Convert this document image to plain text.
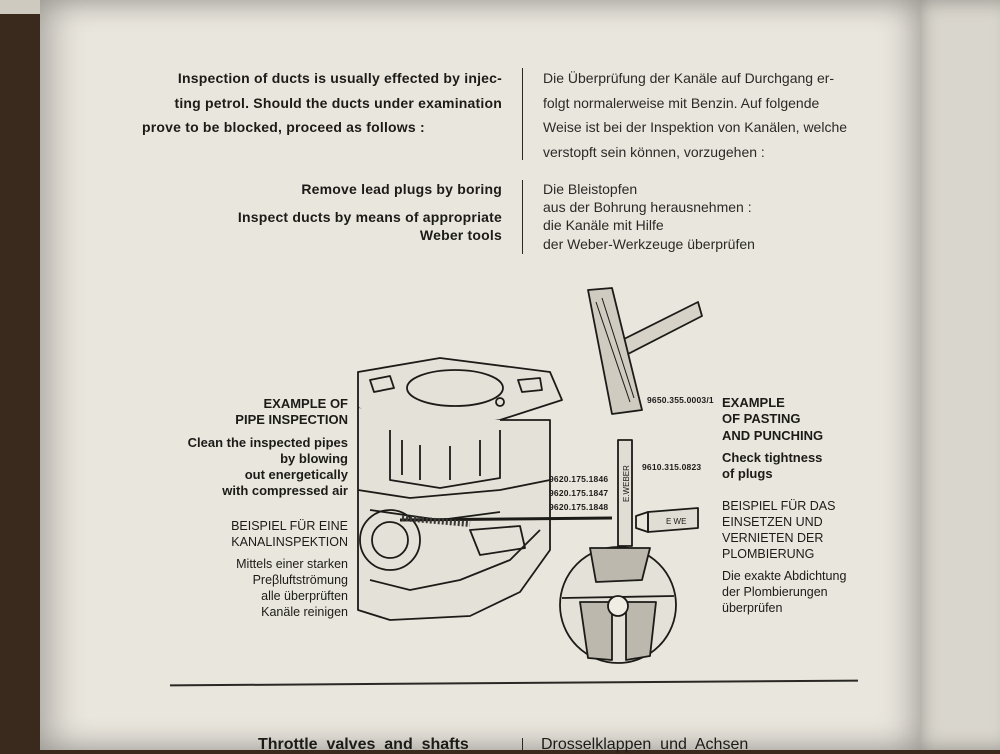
Inspection of ducts is usually effected by injec-
ting petrol. Should the ducts under examination
prove to be blocked, proceed as follows :
Die Überprüfung der Kanäle auf Durchgang er-
folgt normalerweise mit Benzin. Auf folgende
Weise ist bei der Inspektion von Kanälen, welche
verstopft sein können, vorzugehen :
Remove lead plugs by boring
Inspect ducts by means of appropriate
Weber tools
Die Bleistopfen
aus der Bohrung herausnehmen :
die Kanäle mit Hilfe
der Weber-Werkzeuge überprüfen
E.WEBER
E WE
9650.355.0003/1
9610.315.0823
9620.175.1846
9620.175.1847
9620.175.1848
EXAMPLE OF
PIPE INSPECTION
Clean the inspected pipes
by blowing
out energetically
with compressed air
BEISPIEL FÜR EINE
KANALINSPEKTION
Mittels einer starken
Preβluftströmung
alle überprüften
Kanäle reinigen
EXAMPLE
OF PASTING
AND PUNCHING
Check tightness
of plugs
BEISPIEL FÜR DAS
EINSETZEN UND
VERNIETEN DER
PLOMBIERUNG
Die exakte Abdichtung
der Plombierungen
überprüfen
Throttle  valves  and  shafts	Drosselklappen  und  Achsen
